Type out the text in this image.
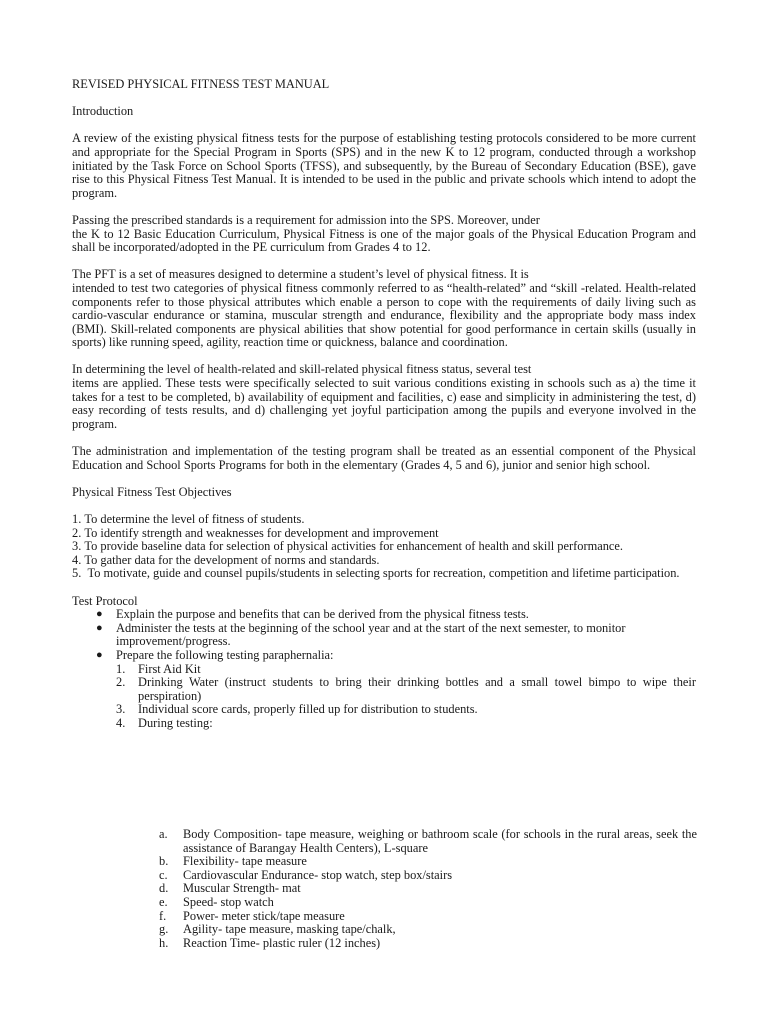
REVISED PHYSICAL FITNESS TEST MANUAL

Introduction

A review of the existing physical fitness tests for the purpose of establishing testing protocols considered to be more current and appropriate for the Special Program in Sports (SPS) and in the new K to 12 program, conducted through a workshop initiated by the Task Force on School Sports (TFSS), and subsequently, by the Bureau of Secondary Education (BSE), gave rise to this Physical Fitness Test Manual. It is intended to be used in the public and private schools which intend to adopt the program.

Passing the prescribed standards is a requirement for admission into the SPS. Moreover, under

the K to 12 Basic Education Curriculum, Physical Fitness is one of the major goals of the Physical Education Program and shall be incorporated/adopted in the PE curriculum from Grades 4 to 12.

The PFT is a set of measures designed to determine a student’s level of physical fitness. It is

intended to test two categories of physical fitness commonly referred to as “health-related” and “skill -related. Health-related components refer to those physical attributes which enable a person to cope with the requirements of daily living such as cardio-vascular endurance or stamina, muscular strength and endurance, flexibility and the appropriate body mass index (BMI). Skill-related components are physical abilities that show potential for good performance in certain skills (usually in sports) like running speed, agility, reaction time or quickness, balance and coordination.

In determining the level of health-related and skill-related physical fitness status, several test

items are applied. These tests were specifically selected to suit various conditions existing in schools such as a) the time it takes for a test to be completed, b) availability of equipment and facilities, c) ease and simplicity in administering the test, d) easy recording of tests results, and d) challenging yet joyful participation among the pupils and everyone involved in the program.

The administration and implementation of the testing program shall be treated as an essential component of the Physical Education and School Sports Programs for both in the elementary (Grades 4, 5 and 6), junior and senior high school.

Physical Fitness Test Objectives

1. To determine the level of fitness of students.
2. To identify strength and weaknesses for development and improvement
3. To provide baseline data for selection of physical activities for enhancement of health and skill performance.
4. To gather data for the development of norms and standards.
5. To motivate, guide and counsel pupils/students in selecting sports for recreation, competition and lifetime participation.

Test Protocol

●	Explain the purpose and benefits that can be derived from the physical fitness tests.
●	Administer the tests at the beginning of the school year and at the start of the next semester, to monitor improvement/progress.
●	Prepare the following testing paraphernalia:
1.	First Aid Kit
2.	Drinking Water (instruct students to bring their drinking bottles and a small towel bimpo to wipe their perspiration)
3.	Individual score cards, properly filled up for distribution to students.
4.	During testing:
a.	Body Composition- tape measure, weighing or bathroom scale (for schools in the rural areas, seek the assistance of Barangay Health Centers), L-square
b.	Flexibility- tape measure
c.	Cardiovascular Endurance- stop watch, step box/stairs
d.	Muscular Strength- mat
e.	Speed- stop watch
f.	Power- meter stick/tape measure
g.	Agility- tape measure, masking tape/chalk,
h.	Reaction Time- plastic ruler (12 inches)
